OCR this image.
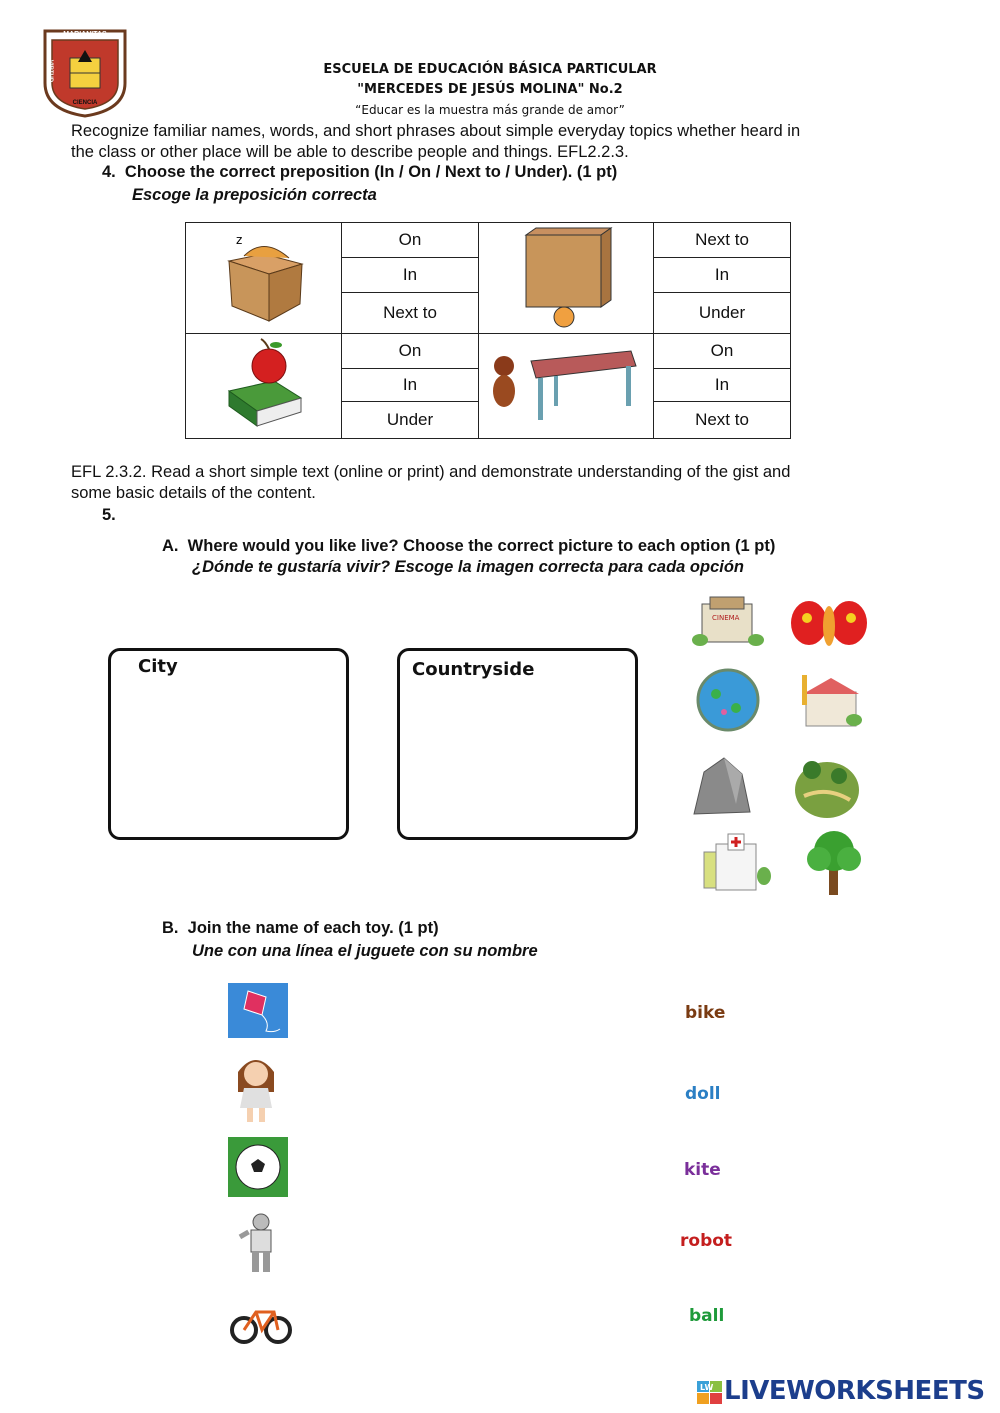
MARIANITAS
CIENCIA
VIRTUD	TRABAJO	ESCUELA DE EDUCACIÓN BÁSICA PARTICULAR
"MERCEDES DE JESÚS MOLINA" No.2
“Educar es la muestra más grande de amor”
Recognize familiar names, words, and short phrases about simple everyday topics whether heard in
the class or other place will be able to describe people and things. EFL2.2.3.
4.  Choose the correct preposition (In / On / Next to / Under). (1 pt)
Escoge la preposición correcta
z	On		Next to
	In		In
	Next to		Under
	On		On
	In		In
	Under		Next to
EFL 2.3.2. Read a short simple text (online or print) and demonstrate understanding of the gist and
some basic details of the content.
5.
A.  Where would you like live? Choose the correct picture to each option (1 pt)
¿Dónde te gustaría vivir? Escoge la imagen correcta para cada opción
City	Countryside
CINEMA
B.  Join the name of each toy. (1 pt)
Une con una línea el juguete con su nombre
bike
doll
kite
robot
ball
LW LIVEWORKSHEETS
